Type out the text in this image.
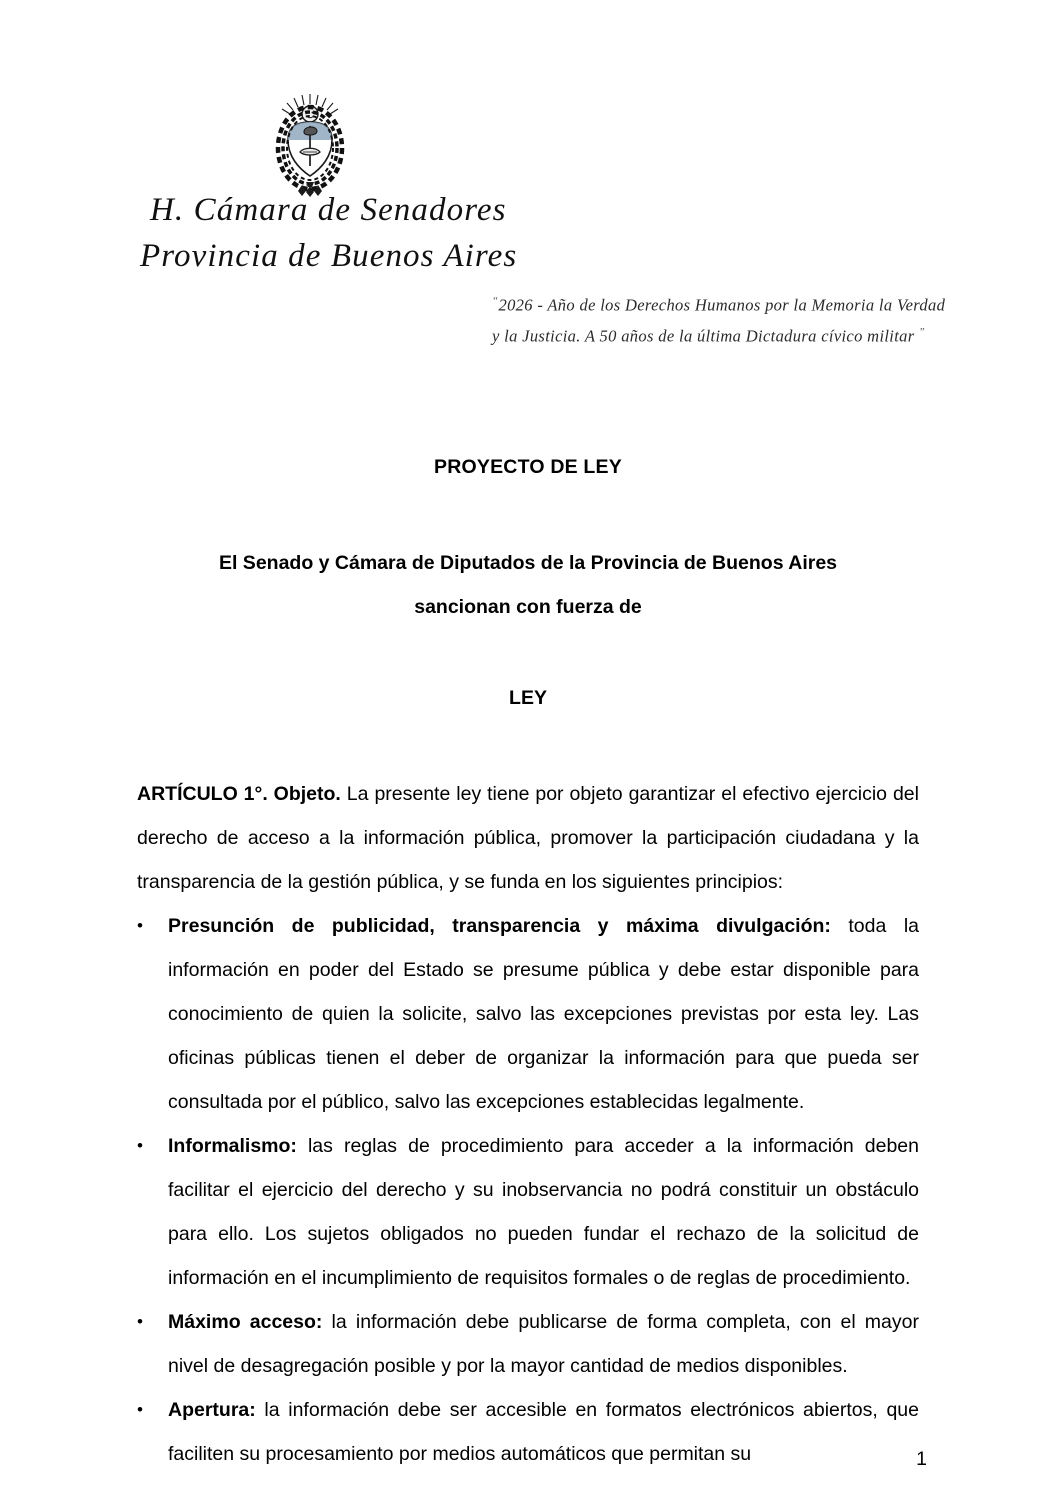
H. Cámara de Senadores
Provincia de Buenos Aires
“2026 - Año de los Derechos Humanos por la Memoria la Verdad y la Justicia. A 50 años de la última Dictadura cívico militar ”
PROYECTO DE LEY
El Senado y Cámara de Diputados de la Provincia de Buenos Aires
sancionan con fuerza de
LEY

ARTÍCULO 1°. Objeto. La presente ley tiene por objeto garantizar el efectivo ejercicio del derecho de acceso a la información pública, promover la participación ciudadana y la transparencia de la gestión pública, y se funda en los siguientes principios:

• Presunción de publicidad, transparencia y máxima divulgación: toda la información en poder del Estado se presume pública y debe estar disponible para conocimiento de quien la solicite, salvo las excepciones previstas por esta ley. Las oficinas públicas tienen el deber de organizar la información para que pueda ser consultada por el público, salvo las excepciones establecidas legalmente.
• Informalismo: las reglas de procedimiento para acceder a la información deben facilitar el ejercicio del derecho y su inobservancia no podrá constituir un obstáculo para ello. Los sujetos obligados no pueden fundar el rechazo de la solicitud de información en el incumplimiento de requisitos formales o de reglas de procedimiento.
• Máximo acceso: la información debe publicarse de forma completa, con el mayor nivel de desagregación posible y por la mayor cantidad de medios disponibles.
• Apertura: la información debe ser accesible en formatos electrónicos abiertos, que faciliten su procesamiento por medios automáticos que permitan su	1
